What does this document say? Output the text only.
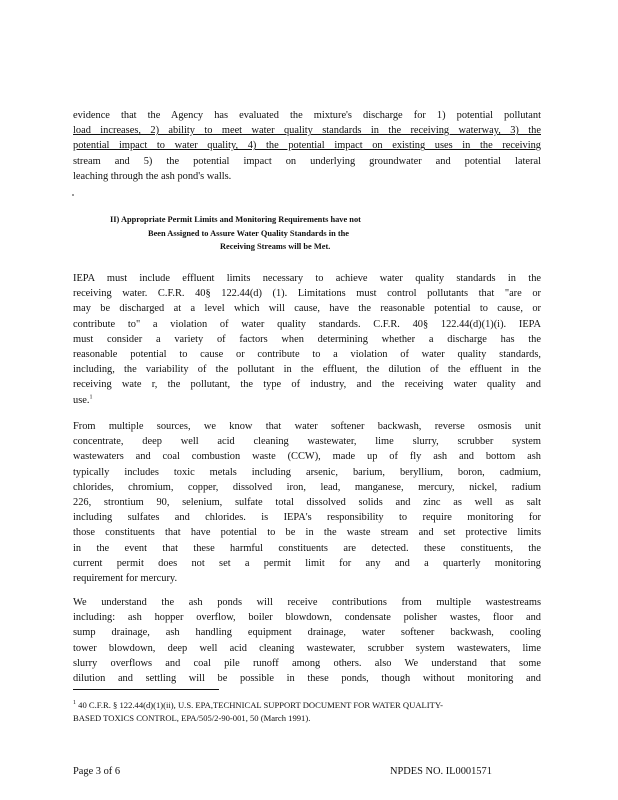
evidence that the Agency has evaluated the mixture's discharge for 1) potential pollutant
load increases, 2) ability to meet water quality standards in the receiving waterway, 3) the
potential impact to water quality, 4) the potential impact on existing uses in the receiving
stream and 5) the potential impact on underlying groundwater and potential lateral
leaching through the ash pond's walls.
II) Appropriate Permit Limits and Monitoring Requirements have not
Been Assigned to Assure Water Quality Standards in the
Receiving Streams will be Met.
IEPA must include effluent limits necessary to achieve water quality standards in the
receiving water. C.F.R. 40§ 122.44(d) (1). Limitations must control pollutants that "are or
may be discharged at a level which will cause, have the reasonable potential to cause, or
contribute to" a violation of water quality standards. C.F.R. 40§ 122.44(d)(1)(i). IEPA
must consider a variety of factors when determining whether a discharge has the
reasonable potential to cause or contribute to a violation of water quality standards,
including, the variability of the pollutant in the effluent, the dilution of the effluent in the
receiving wate r, the pollutant, the type of industry, and the receiving water quality and
use.$^1$
From multiple sources, we know that water softener backwash, reverse osmosis unit
concentrate, deep well acid cleaning wastewater, lime slurry, scrubber system
wastewaters and coal combustion waste (CCW), made up of fly ash and bottom ash
typically includes toxic metals including arsenic, barium, beryllium, boron, cadmium,
chlorides, chromium, copper, dissolved iron, lead, manganese, mercury, nickel, radium
226, strontium 90, selenium, sulfate total dissolved solids and zinc as well as salt
including sulfates and chlorides. is IEPA's responsibility to require monitoring for
those constituents that have potential to be in the waste stream and set protective limits
in the event that these harmful constituents are detected. these constituents, the
current permit does not set a permit limit for any and a quarterly monitoring
requirement for mercury.
We understand the ash ponds will receive contributions from multiple wastestreams
including: ash hopper overflow, boiler blowdown, condensate polisher wastes, floor and
sump drainage, ash handling equipment drainage, water softener backwash, cooling
tower blowdown, deep well acid cleaning wastewater, scrubber system wastewaters, lime
slurry overflows and coal pile runoff among others. also We understand that some
dilution and settling will be possible in these ponds, though without monitoring and
$^1$ 40 C.F.R. § 122.44(d)(1)(ii), U.S. EPA,TECHNICAL SUPPORT DOCUMENT FOR WATER QUALITY-
BASED TOXICS CONTROL, EPA/505/2-90-001, 50 (March 1991).
Page 3 of 6	NPDES NO. IL0001571
